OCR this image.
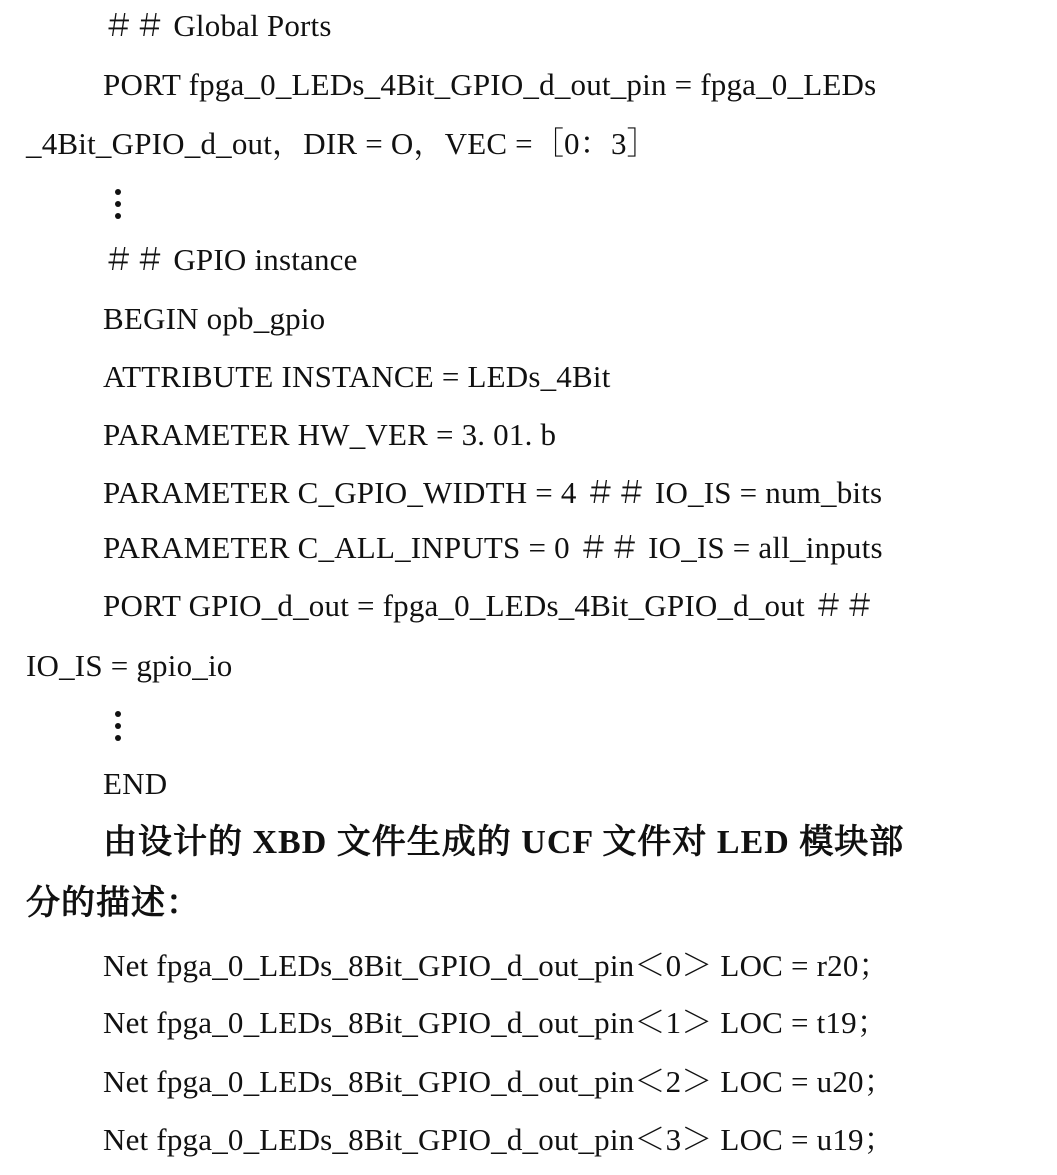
＃＃ Global Ports
PORT fpga_0_LEDs_4Bit_GPIO_d_out_pin = fpga_0_LEDs
_4Bit_GPIO_d_out，DIR = O，VEC =［0：3］
＃＃ GPIO instance
BEGIN opb_gpio
ATTRIBUTE INSTANCE = LEDs_4Bit
PARAMETER HW_VER = 3. 01. b
PARAMETER C_GPIO_WIDTH = 4 ＃＃ IO_IS = num_bits
PARAMETER C_ALL_INPUTS = 0 ＃＃ IO_IS = all_inputs
PORT GPIO_d_out = fpga_0_LEDs_4Bit_GPIO_d_out ＃＃
IO_IS = gpio_io
END
由设计的 XBD 文件生成的 UCF 文件对 LED 模块部
分的描述：
Net fpga_0_LEDs_8Bit_GPIO_d_out_pin＜0＞ LOC = r20；
Net fpga_0_LEDs_8Bit_GPIO_d_out_pin＜1＞ LOC = t19；
Net fpga_0_LEDs_8Bit_GPIO_d_out_pin＜2＞ LOC = u20；
Net fpga_0_LEDs_8Bit_GPIO_d_out_pin＜3＞ LOC = u19；
